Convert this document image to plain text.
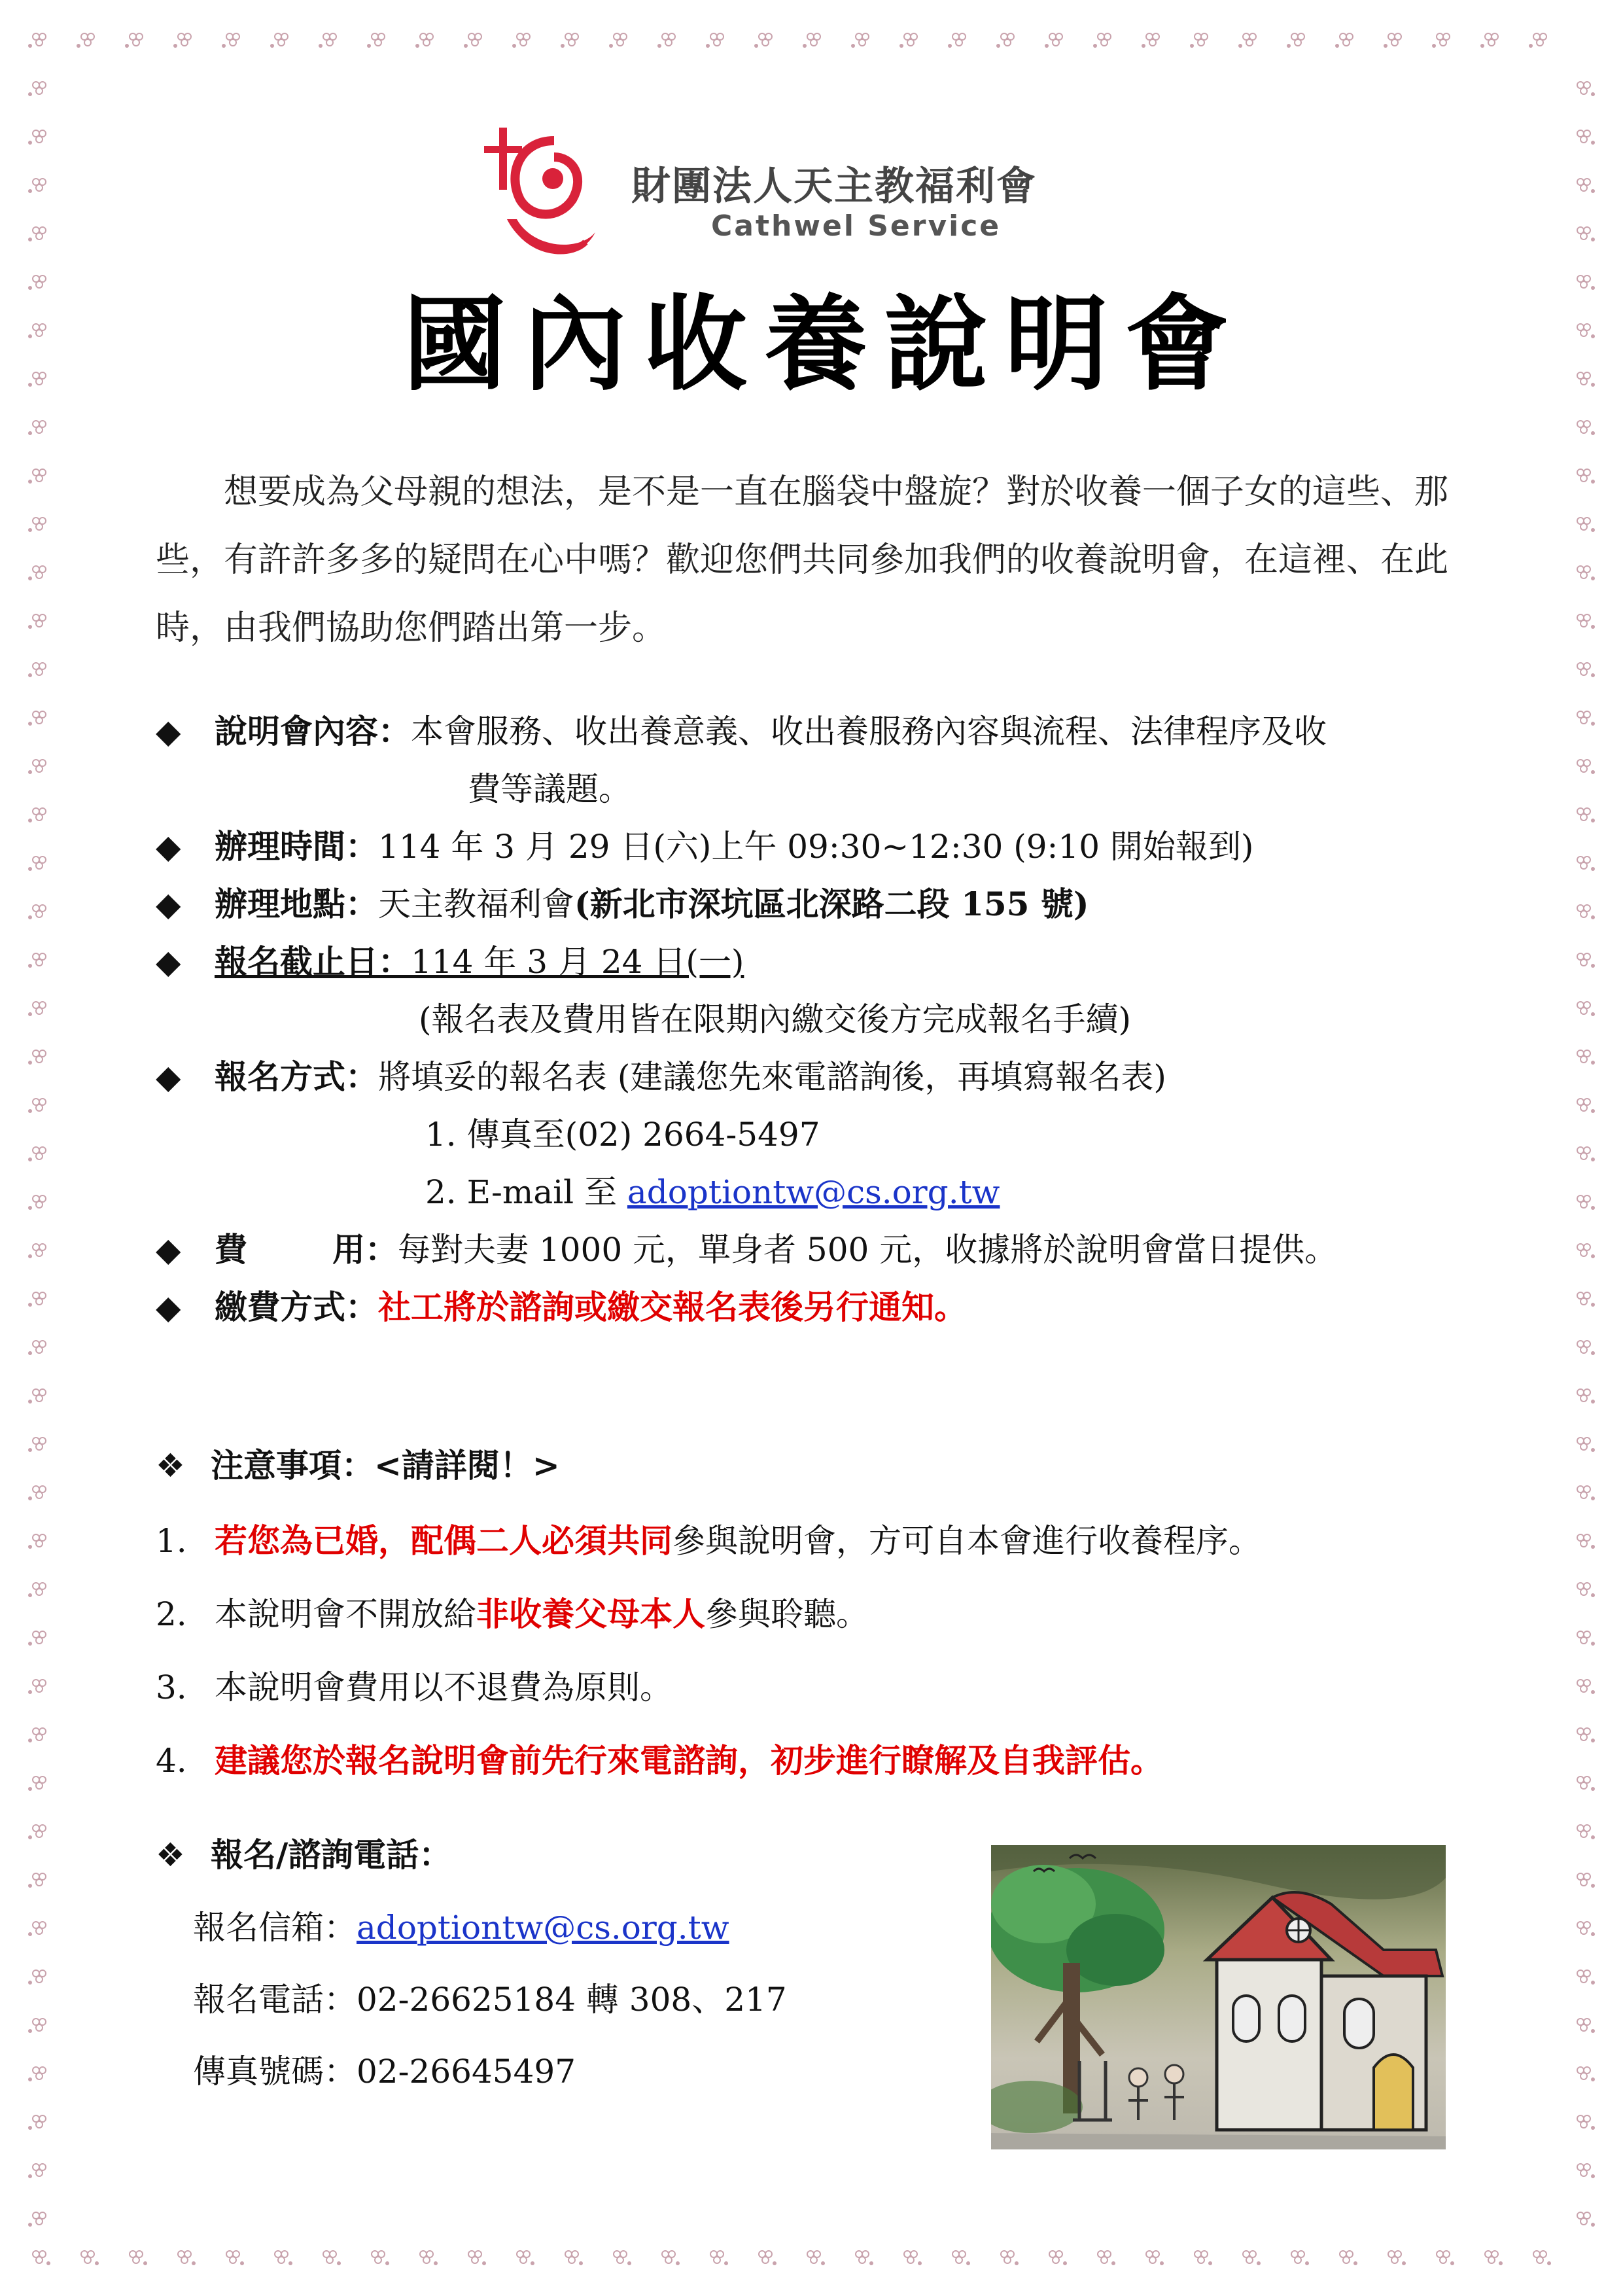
財團法人天主教福利會
Cathwel Service
國內收養說明會
想要成為父母親的想法，是不是一直在腦袋中盤旋？對於收養一個子女的這些、那些，有許許多多的疑問在心中嗎？歡迎您們共同參加我們的收養說明會，在這裡、在此時，由我們協助您們踏出第一步。
◆ 說明會內容：本會服務、收出養意義、收出養服務內容與流程、法律程序及收
費等議題。
◆ 辦理時間：114 年 3 月 29 日(六)上午 09:30~12:30 (9:10 開始報到)
◆ 辦理地點：天主教福利會(新北市深坑區北深路二段 155 號)
◆ 報名截止日：114 年 3 月 24 日(一)
(報名表及費用皆在限期內繳交後方完成報名手續)
◆ 報名方式：將填妥的報名表 (建議您先來電諮詢後，再填寫報名表)
1. 傳真至(02) 2664-5497
2. E-mail 至 adoptiontw@cs.org.tw
◆ 費	用：每對夫妻 1000 元，單身者 500 元，收據將於說明會當日提供。
◆ 繳費方式：社工將於諮詢或繳交報名表後另行通知。
❖ 注意事項：<請詳閱！>
1. 若您為已婚，配偶二人必須共同參與說明會，方可自本會進行收養程序。
2. 本說明會不開放給非收養父母本人參與聆聽。
3. 本說明會費用以不退費為原則。
4. 建議您於報名說明會前先行來電諮詢，初步進行瞭解及自我評估。
❖ 報名/諮詢電話：
報名信箱：adoptiontw@cs.org.tw
報名電話：02-26625184 轉 308、217
傳真號碼：02-26645497
